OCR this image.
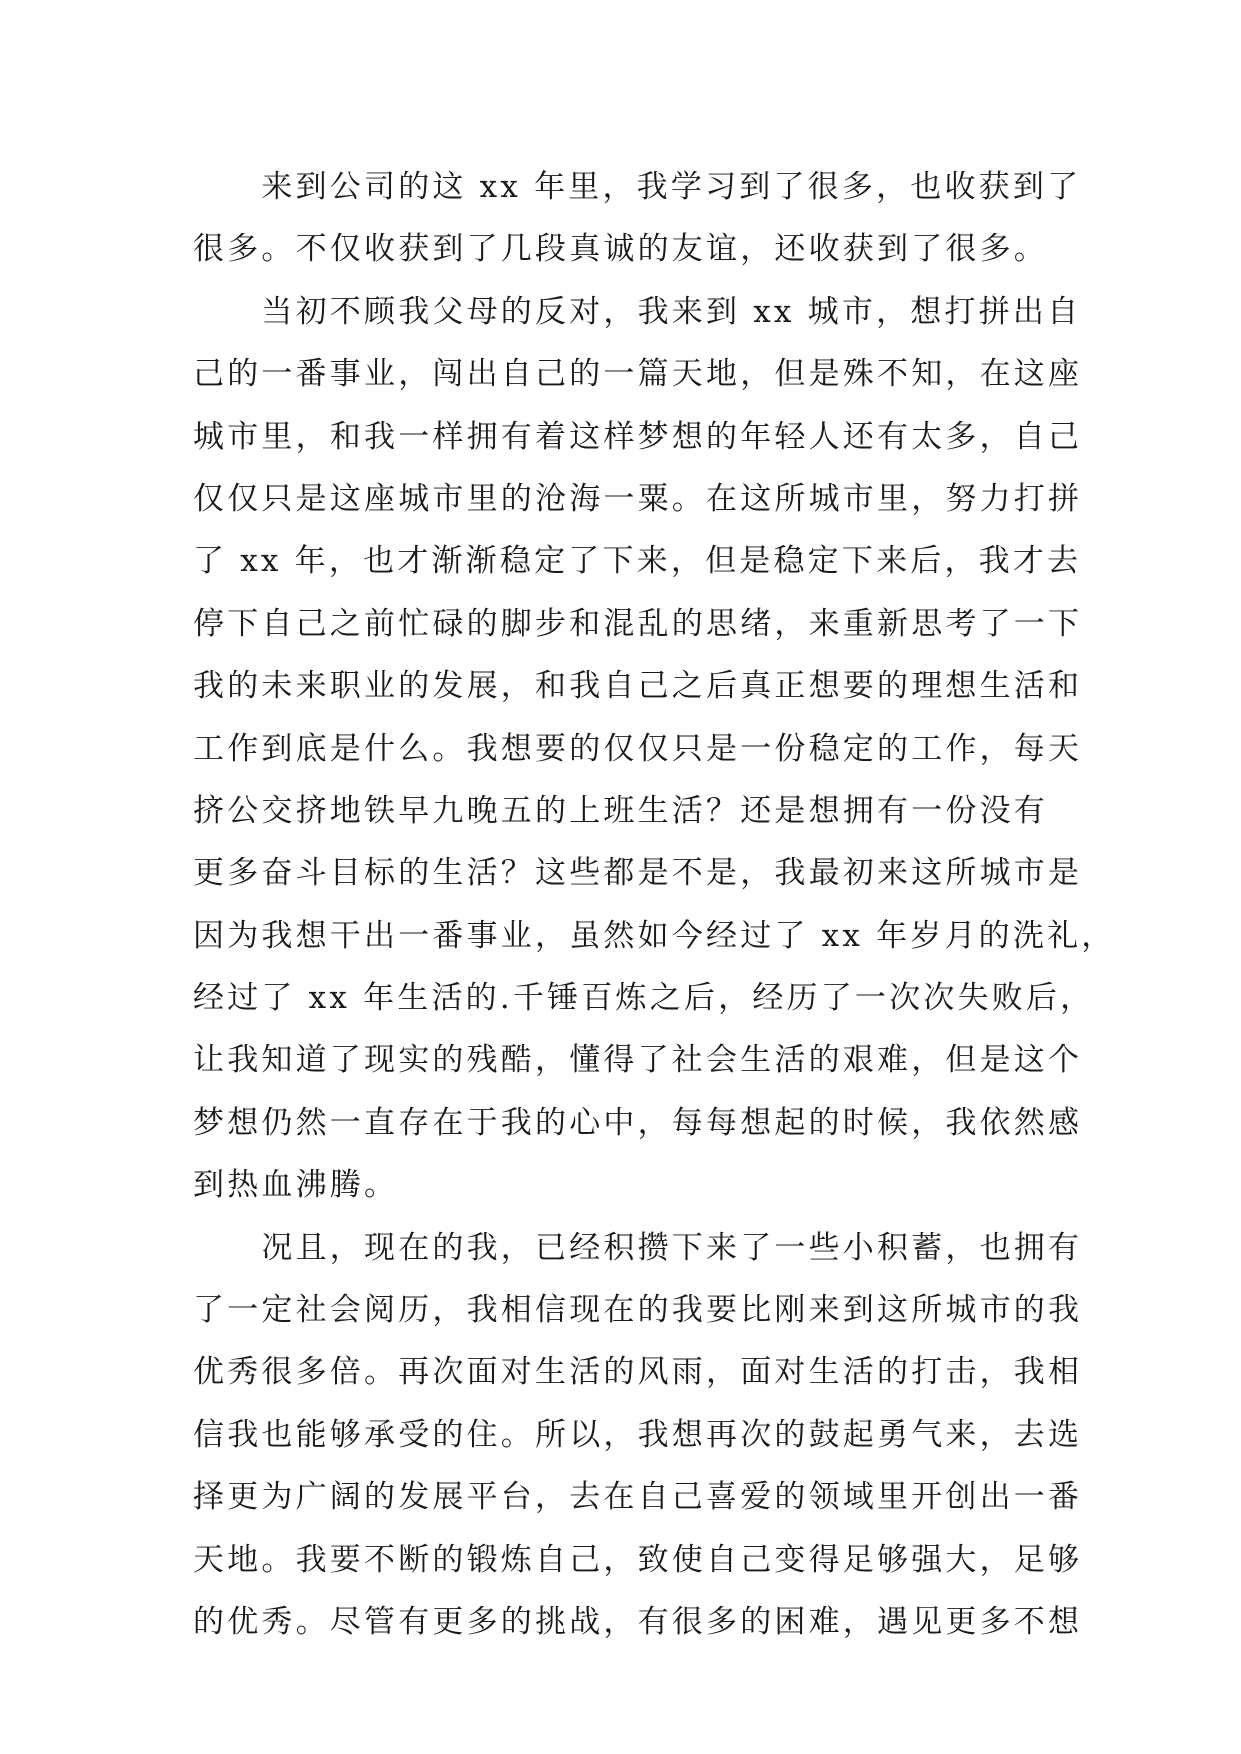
　　来到公司的这 xx 年里，我学习到了很多，也收获到了
很多。不仅收获到了几段真诚的友谊，还收获到了很多。
　　当初不顾我父母的反对，我来到 xx 城市，想打拼出自
己的一番事业，闯出自己的一篇天地，但是殊不知，在这座
城市里，和我一样拥有着这样梦想的年轻人还有太多，自己
仅仅只是这座城市里的沧海一粟。在这所城市里，努力打拼
了 xx 年，也才渐渐稳定了下来，但是稳定下来后，我才去
停下自己之前忙碌的脚步和混乱的思绪，来重新思考了一下
我的未来职业的发展，和我自己之后真正想要的理想生活和
工作到底是什么。我想要的仅仅只是一份稳定的工作，每天
挤公交挤地铁早九晚五的上班生活？还是想拥有一份没有
更多奋斗目标的生活？这些都是不是，我最初来这所城市是
因为我想干出一番事业，虽然如今经过了 xx 年岁月的洗礼，
经过了 xx 年生活的.千锤百炼之后，经历了一次次失败后，
让我知道了现实的残酷，懂得了社会生活的艰难，但是这个
梦想仍然一直存在于我的心中，每每想起的时候，我依然感
到热血沸腾。
　　况且，现在的我，已经积攒下来了一些小积蓄，也拥有
了一定社会阅历，我相信现在的我要比刚来到这所城市的我
优秀很多倍。再次面对生活的风雨，面对生活的打击，我相
信我也能够承受的住。所以，我想再次的鼓起勇气来，去选
择更为广阔的发展平台，去在自己喜爱的领域里开创出一番
天地。我要不断的锻炼自己，致使自己变得足够强大，足够
的优秀。尽管有更多的挑战，有很多的困难，遇见更多不想
